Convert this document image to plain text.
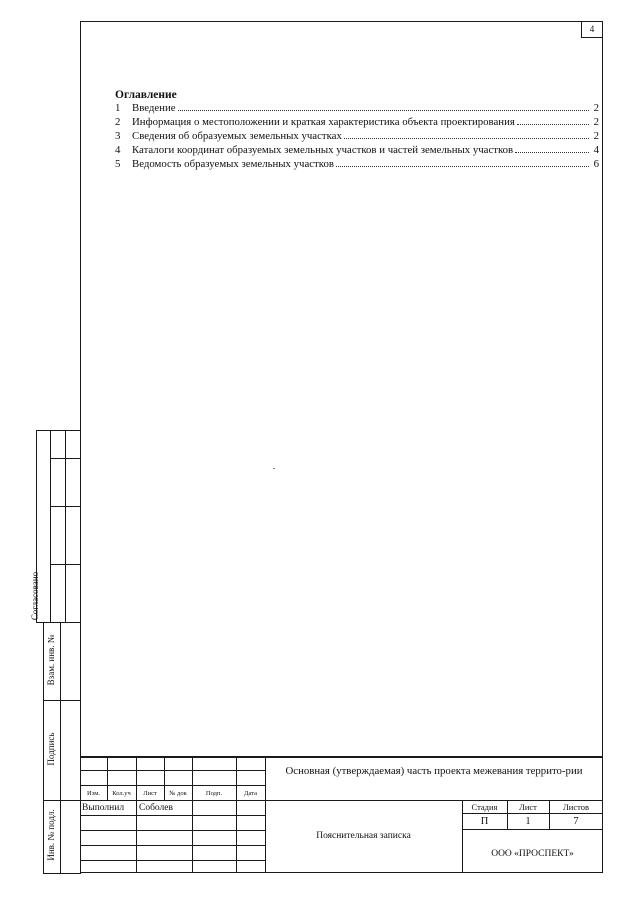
4
Оглавление
1	Введение	2
2	Информация о местоположении и краткая характеристика объекта проектирования	2
3	Сведения об образуемых земельных участках	2
4	Каталоги координат образуемых земельных участков и частей земельных участков	4
5	Ведомость образуемых земельных участков	6
Согласовано
Взам. инв. №
Подпись
Инв. № подл.
Изм.	Кол.уч	Лист	№ док	Подп.	Дата
Выполнил Соболев
Основная (утверждаемая) часть проекта межевания террито-рии
Пояснительная записка
Стадия	Лист	Листов
П	1	7
ООО «ПРОСПЕКТ»
